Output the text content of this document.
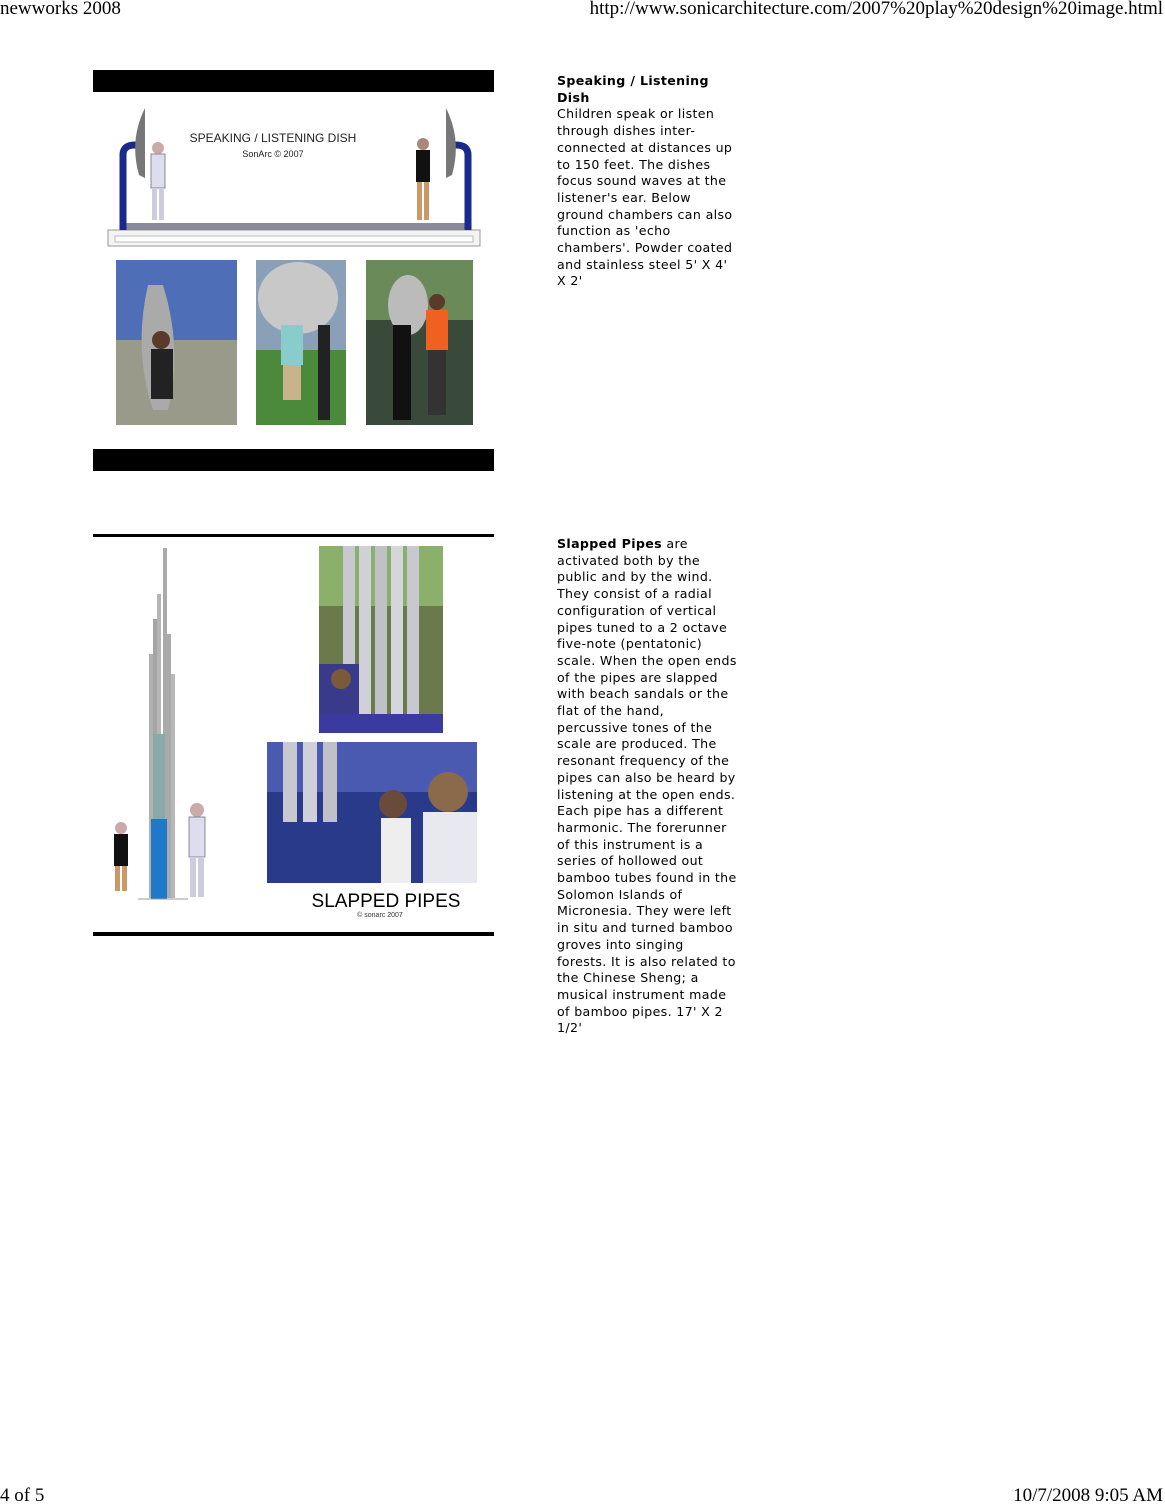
newworks 2008	http://www.sonicarchitecture.com/2007%20play%20design%20image.html
SPEAKING / LISTENING DISH
SonArc © 2007
Speaking / Listening Dish
Children speak or listen through dishes inter-connected at distances up to 150 feet. The dishes focus sound waves at the listener's ear. Below ground chambers can also function as 'echo chambers'. Powder coated and stainless steel 5' X 4' X 2'
SLAPPED PIPES
© sonarc 2007
Slapped Pipes are activated both by the public and by the wind. They consist of a radial configuration of vertical pipes tuned to a 2 octave five-note (pentatonic) scale. When the open ends of the pipes are slapped with beach sandals or the flat of the hand, percussive tones of the scale are produced. The resonant frequency of the pipes can also be heard by listening at the open ends. Each pipe has a different harmonic. The forerunner of this instrument is a series of hollowed out bamboo tubes found in the Solomon Islands of Micronesia. They were left in situ and turned bamboo groves into singing forests. It is also related to the Chinese Sheng; a musical instrument made of bamboo pipes. 17' X 2 1/2'
4 of 5	10/7/2008 9:05 AM
